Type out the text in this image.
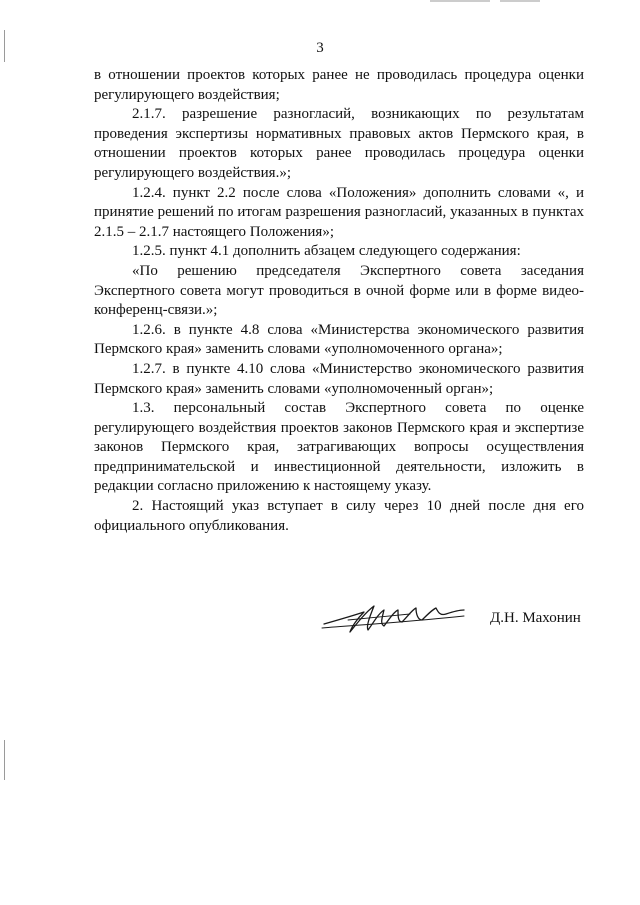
3

в отношении проектов которых ранее не проводилась процедура оценки регулирующего воздействия;

2.1.7. разрешение разногласий, возникающих по результатам проведения экспертизы нормативных правовых актов Пермского края, в отношении проектов которых ранее проводилась процедура оценки регулирующего воздействия.»;

1.2.4. пункт 2.2 после слова «Положения» дополнить словами «, и принятие решений по итогам разрешения разногласий, указанных в пунктах 2.1.5 – 2.1.7 настоящего Положения»;

1.2.5. пункт 4.1 дополнить абзацем следующего содержания:

«По решению председателя Экспертного совета заседания Экспертного совета могут проводиться в очной форме или в форме видео-конференц-связи.»;

1.2.6. в пункте 4.8 слова «Министерства экономического развития Пермского края» заменить словами «уполномоченного органа»;

1.2.7. в пункте 4.10 слова «Министерство экономического развития Пермского края» заменить словами «уполномоченный орган»;

1.3. персональный состав Экспертного совета по оценке регулирующего воздействия проектов законов Пермского края и экспертизе законов Пермского края, затрагивающих вопросы осуществления предпринимательской и инвестиционной деятельности, изложить в редакции согласно приложению к настоящему указу.

2. Настоящий указ вступает в силу через 10 дней после дня его официального опубликования.

Д.Н. Махонин
